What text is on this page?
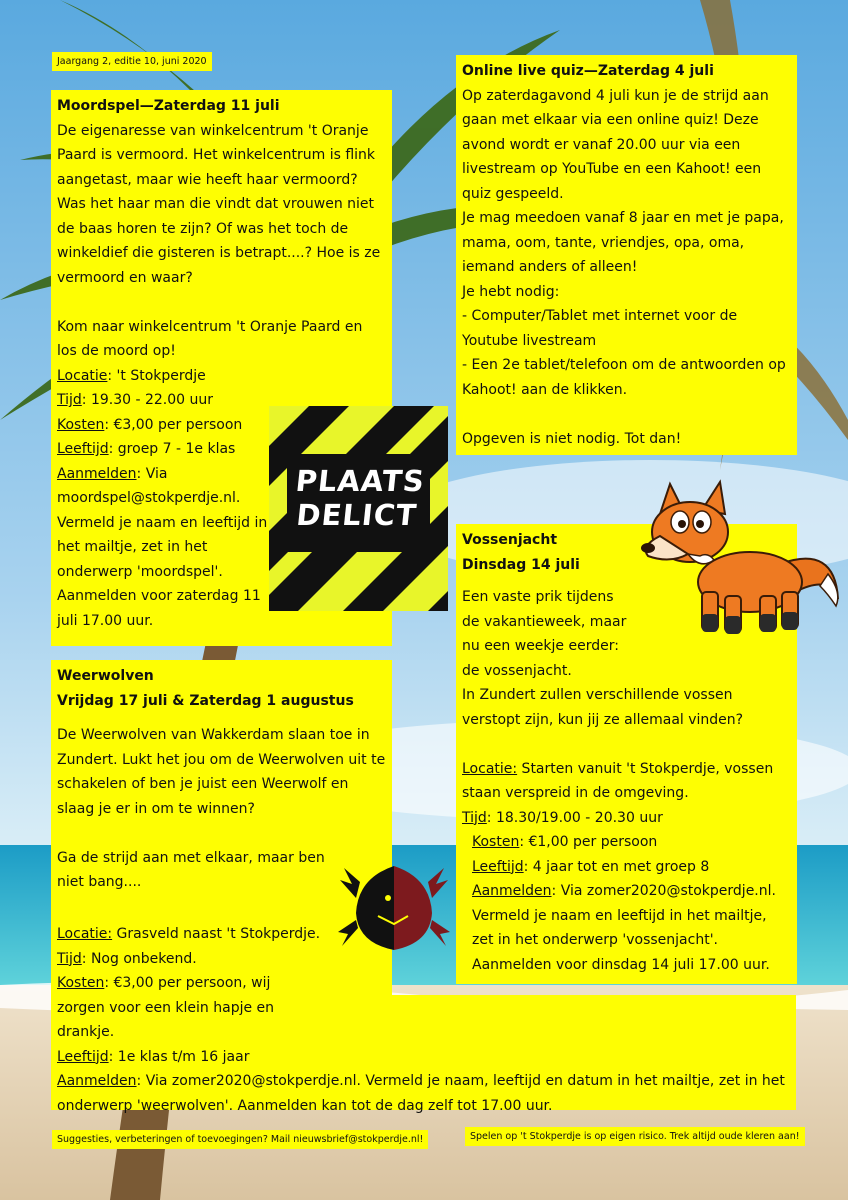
Jaargang 2, editie 10, juni 2020
Moordspel—Zaterdag 11 juli

De eigenaresse van winkelcentrum 't Oranje Paard is vermoord. Het winkelcentrum is flink aangetast, maar wie heeft haar vermoord? Was het haar man die vindt dat vrouwen niet de baas horen te zijn? Of was het toch de winkeldief die gisteren is betrapt....? Hoe is ze vermoord en waar?

Kom naar winkelcentrum 't Oranje Paard en los de moord op!

Locatie: 't Stokperdje
Tijd: 19.30 - 22.00 uur
Kosten: €3,00 per persoon
Leeftijd: groep 7 - 1e klas
Aanmelden: Via moordspel@stokperdje.nl. Vermeld je naam en leeftijd in het mailtje, zet in het onderwerp 'moordspel'. Aanmelden voor zaterdag 11 juli 17.00 uur.

PLAATS
DELICT
Online live quiz—Zaterdag 4 juli

Op zaterdagavond 4 juli kun je de strijd aan gaan met elkaar via een online quiz! Deze avond wordt er vanaf 20.00 uur via een livestream op YouTube en een Kahoot! een quiz gespeeld.

Je mag meedoen vanaf 8 jaar en met je papa, mama, oom, tante, vriendjes, opa, oma, iemand anders of alleen!

Je hebt nodig:

- Computer/Tablet met internet voor de Youtube livestream

- Een 2e tablet/telefoon om de antwoorden op Kahoot! aan de klikken.

Opgeven is niet nodig. Tot dan!

Vossenjacht
Dinsdag 14 juli

Een vaste prik tijdens

de vakantieweek, maar

nu een weekje eerder:

de vossenjacht.

In Zundert zullen verschillende vossen verstopt zijn, kun jij ze allemaal vinden?

Locatie: Starten vanuit 't Stokperdje, vossen staan verspreid in de omgeving.
Tijd: 18.30/19.00 - 20.30 uur

Kosten: €1,00 per persoon
Leeftijd: 4 jaar tot en met groep 8
Aanmelden: Via zomer2020@stokperdje.nl. Vermeld je naam en leeftijd in het mailtje, zet in het onderwerp 'vossenjacht'. Aanmelden voor dinsdag 14 juli 17.00 uur.

Weerwolven
Vrijdag 17 juli & Zaterdag 1 augustus

De Weerwolven van Wakkerdam slaan toe in Zundert. Lukt het jou om de Weerwolven uit te schakelen of ben je juist een Weerwolf en slaag je er in om te winnen?

Ga de strijd aan met elkaar, maar ben niet bang....

Locatie: Grasveld naast 't Stokperdje.
Tijd: Nog onbekend.
Kosten: €3,00 per persoon, wij zorgen voor een klein hapje en drankje.
Leeftijd: 1e klas t/m 16 jaar
Aanmelden: Via zomer2020@stokperdje.nl. Vermeld je naam, leeftijd en datum in het mailtje, zet in het onderwerp 'weerwolven'. Aanmelden kan tot de dag zelf tot 17.00 uur.
Suggesties, verbeteringen of toevoegingen? Mail nieuwsbrief@stokperdje.nl!	Spelen op 't Stokperdje is op eigen risico. Trek altijd oude kleren aan!
